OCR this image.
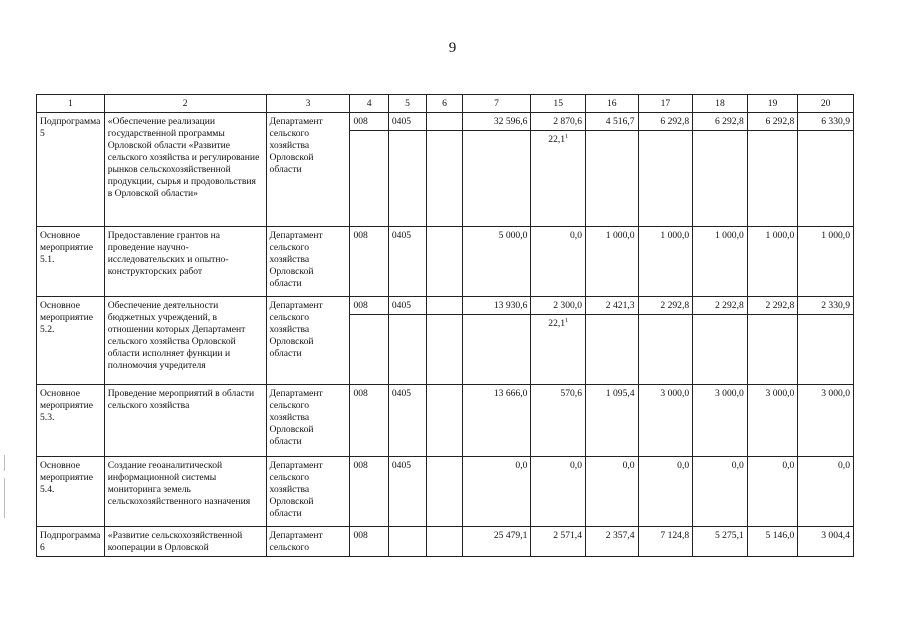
9
1	2	3	4	5	6	7	15	16	17	18	19	20
Подпрограмма 5	«Обеспечение реализации государственной программы Орловской области «Развитие сельского хозяйства и регулирование рынков сельскохозяйственной продукции, сырья и продовольствия в Орловской области»	Департамент сельского хозяйства Орловской области	008	0405		32 596,6	2 870,6	4 516,7	6 292,8	6 292,8	6 292,8	6 330,9
							22,1$^1$					
Основное мероприятие 5.1.	Предоставление грантов на проведение научно-исследовательских и опытно-конструкторских работ	Департамент сельского хозяйства Орловской области	008	0405		5 000,0	0,0	1 000,0	1 000,0	1 000,0	1 000,0	1 000,0
Основное мероприятие 5.2.	Обеспечение деятельности бюджетных учреждений, в отношении которых Департамент сельского хозяйства Орловской области исполняет функции и полномочия учредителя	Департамент сельского хозяйства Орловской области	008	0405		13 930,6	2 300,0	2 421,3	2 292,8	2 292,8	2 292,8	2 330,9
							22,1$^1$					
Основное мероприятие 5.3.	Проведение мероприятий в области сельского хозяйства	Департамент сельского хозяйства Орловской области	008	0405		13 666,0	570,6	1 095,4	3 000,0	3 000,0	3 000,0	3 000,0
Основное мероприятие 5.4.	Создание геоаналитической информационной системы мониторинга земель сельскохозяйственного назначения	Департамент сельского хозяйства Орловской области	008	0405		0,0	0,0	0,0	0,0	0,0	0,0	0,0
Подпрограмма 6	«Развитие сельскохозяйственной кооперации в Орловской	Департамент сельского	008			25 479,1	2 571,4	2 357,4	7 124,8	5 275,1	5 146,0	3 004,4
